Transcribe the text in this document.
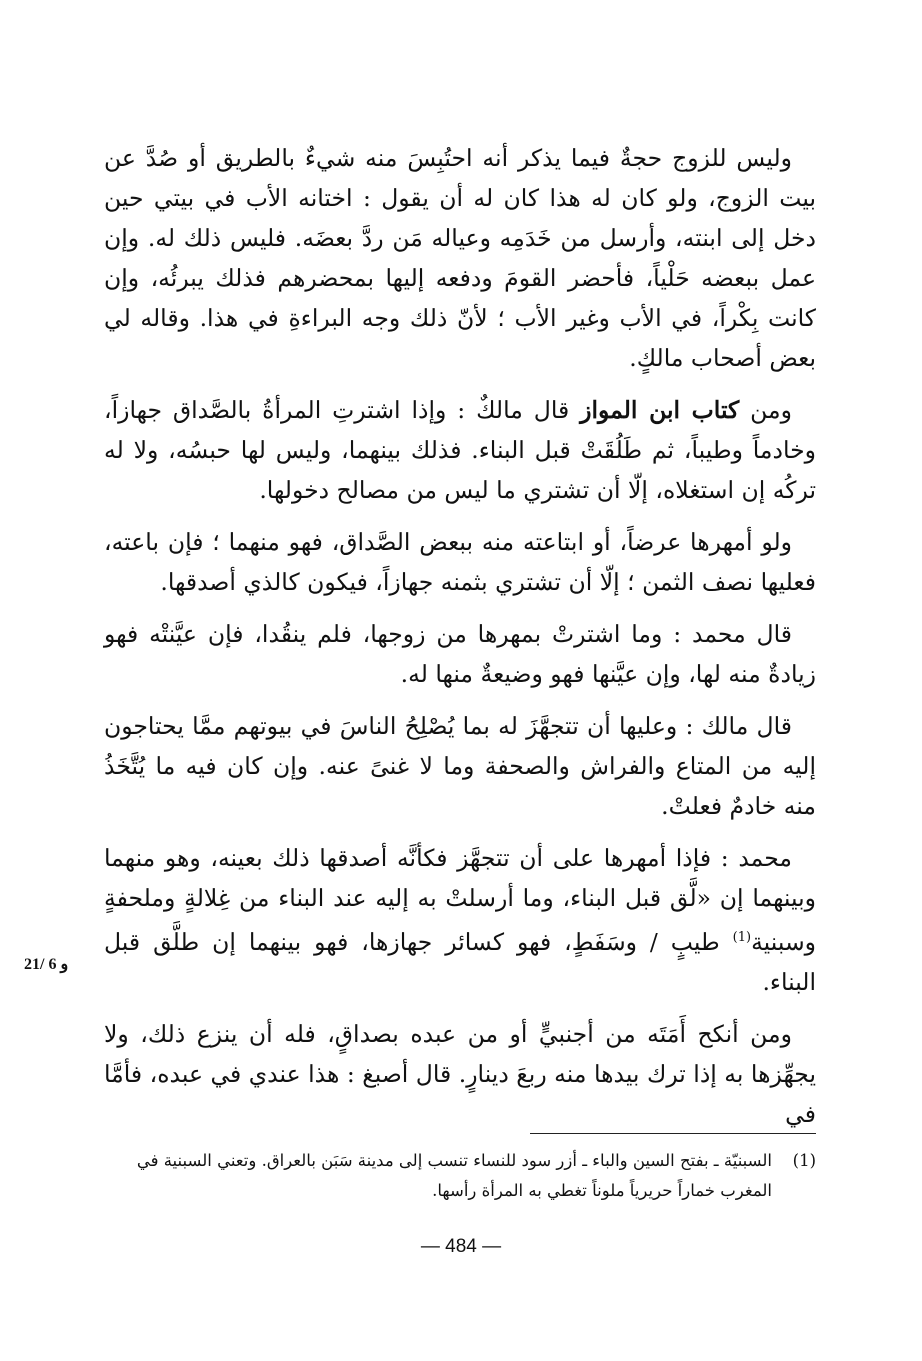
وليس للزوج حجةٌ فيما يذكر أنه احتُبِسَ منه شيءٌ بالطريق أو صُدَّ عن بيت الزوج، ولو كان له هذا كان له أن يقول : اختانه الأب في بيتي حين دخل إلى ابنته، وأرسل من خَدَمِه وعياله مَن ردَّ بعضَه. فليس ذلك له. وإن عمل ببعضه حَلْياً، فأحضر القومَ ودفعه إليها بمحضرهم فذلك يبرئُه، وإن كانت بِكْراً، في الأب وغير الأب ؛ لأنّ ذلك وجه البراءةِ في هذا. وقاله لي بعض أصحاب مالكٍ.

ومن كتاب ابن المواز قال مالكٌ : وإذا اشترتِ المرأةُ بالصَّداق جهازاً، وخادماً وطيباً، ثم طَلُقَتْ قبل البناء. فذلك بينهما، وليس لها حبسُه، ولا له تركُه إن استغلاه، إلّا أن تشتري ما ليس من مصالح دخولها.

ولو أمهرها عرضاً، أو ابتاعته منه ببعض الصَّداق، فهو منهما ؛ فإن باعته، فعليها نصف الثمن ؛ إلّا أن تشتري بثمنه جهازاً، فيكون كالذي أصدقها.

قال محمد : وما اشترتْ بمهرها من زوجها، فلم ينقُدا، فإن عيَّنتْه فهو زيادةٌ منه لها، وإن عيَّنها فهو وضيعةٌ منها له.

قال مالك : وعليها أن تتجهَّزَ له بما يُصْلِحُ الناسَ في بيوتهم ممَّا يحتاجون إليه من المتاع والفراش والصحفة وما لا غنىً عنه. وإن كان فيه ما يُتَّخَذُ منه خادمٌ فعلتْ.

محمد : فإذا أمهرها على أن تتجهَّز فكأنَّه أصدقها ذلك بعينه، وهو منهما وبينهما إن «لَّق قبل البناء، وما أرسلتْ به إليه عند البناء من غِلالةٍ وملحفةٍ وسبنية$^{(1)}$ طيبٍ / وسَفَطٍ، فهو كسائر جهازها، فهو بينهما إن طلَّق قبل البناء.

ومن أنكح أَمَتَه من أجنبيٍّ أو من عبده بصداقٍ، فله أن ينزع ذلك، ولا يجهِّزها به إذا ترك بيدها منه ربعَ دينارٍ. قال أصبغ : هذا عندي في عبده، فأمَّا في

21/ 6 و
(1)السبنيّة ـ بفتح السين والباء ـ أزر سود للنساء تنسب إلى مدينة سَبَن بالعراق. وتعني السبنية في
المغرب خماراً حريرياً ملوناً تغطي به المرأة رأسها.
— 484 —
